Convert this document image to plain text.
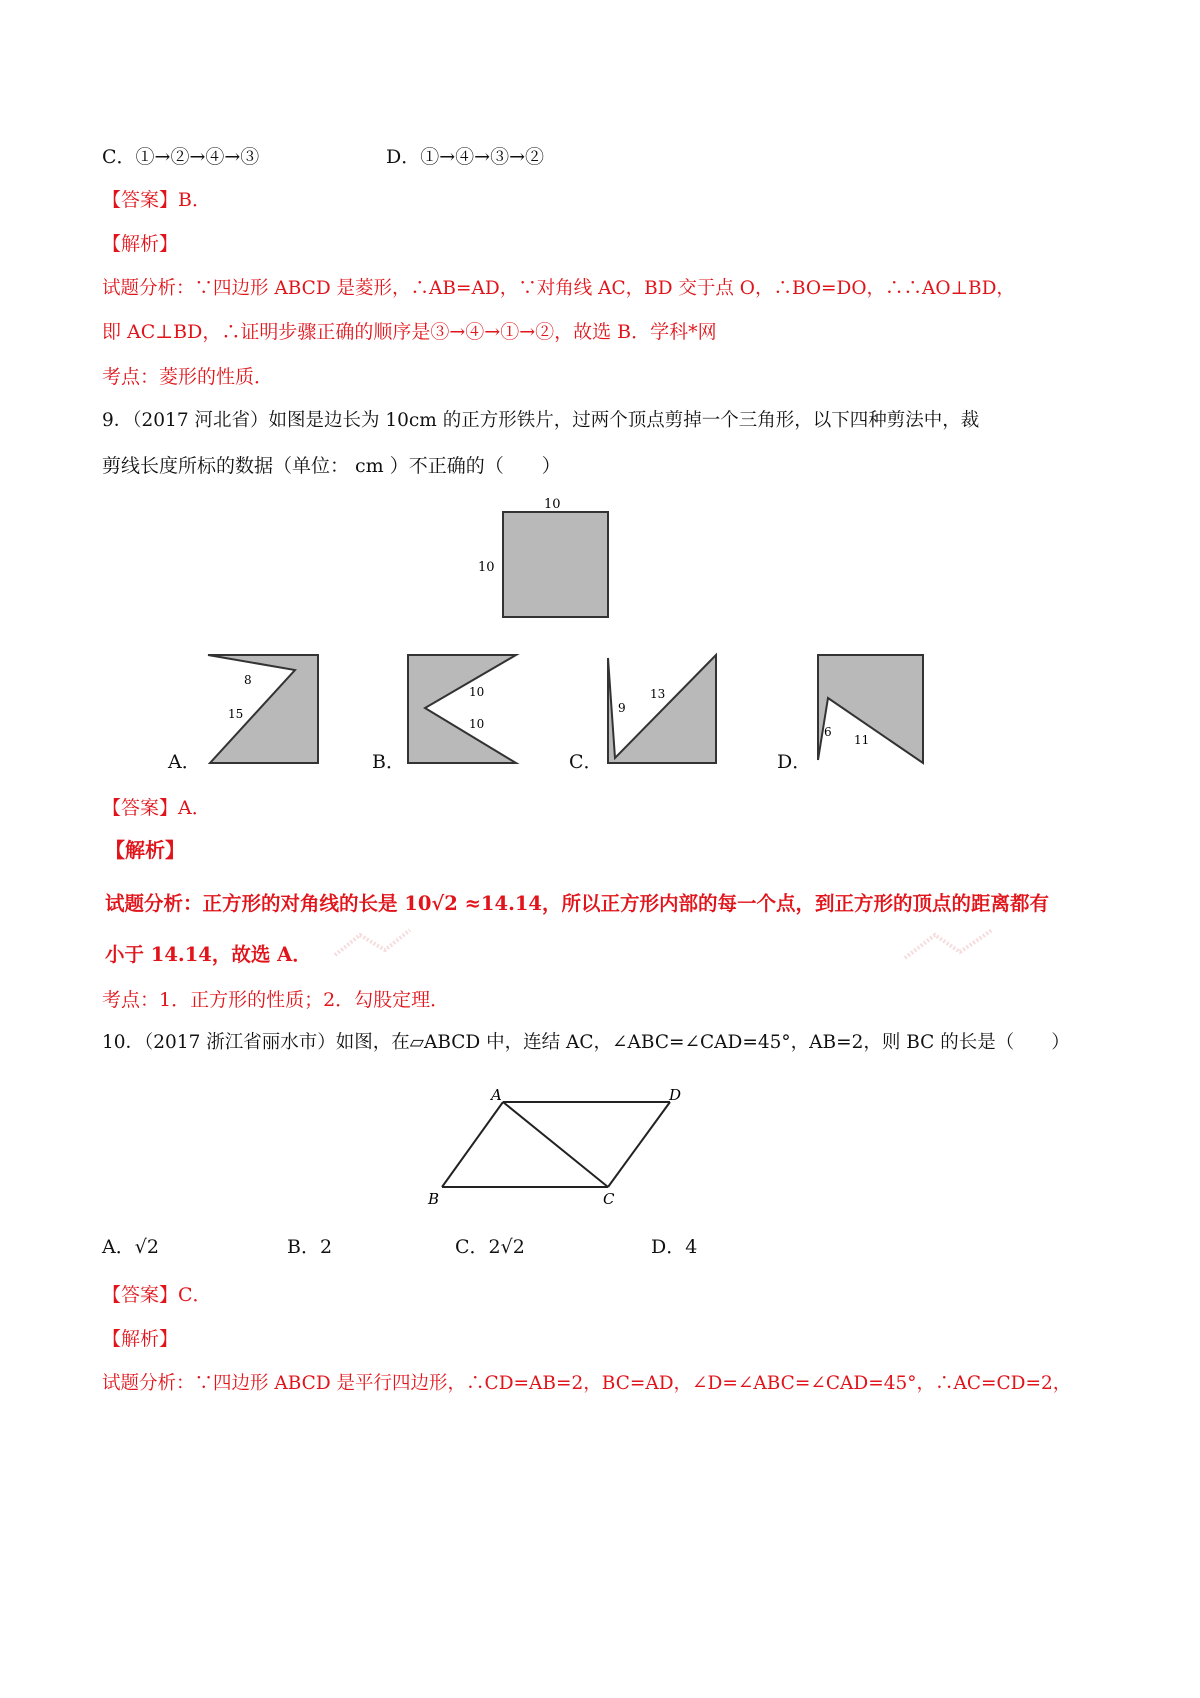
C．①→②→④→③	D．①→④→③→②
【答案】B．
【解析】
试题分析：∵四边形 ABCD 是菱形，∴AB=AD，∵对角线 AC，BD 交于点 O，∴BO=DO，∴∴AO⊥BD，
即 AC⊥BD，∴证明步骤正确的顺序是③→④→①→②，故选 B．学科*网
考点：菱形的性质．
9．（2017 河北省）如图是边长为 10cm 的正方形铁片，过两个顶点剪掉一个三角形，以下四种剪法中，裁
剪线长度所标的数据（单位： cm ）不正确的（　　）
10
10
A．
8
15
B．
10
10
C．
9
13
D．
6
11
【答案】A．
【解析】
试题分析：正方形的对角线的长是 10√2 ≈14.14，所以正方形内部的每一个点，到正方形的顶点的距离都有
小于 14.14，故选 A．
考点：1．正方形的性质；2．勾股定理．
10．（2017 浙江省丽水市）如图，在▱ABCD 中，连结 AC，∠ABC=∠CAD=45°，AB=2，则 BC 的长是（　　）
A	D
B	C
A．√2	B．2	C．2√2	D．4
【答案】C．
【解析】
试题分析：∵四边形 ABCD 是平行四边形，∴CD=AB=2，BC=AD，∠D=∠ABC=∠CAD=45°，∴AC=CD=2，
